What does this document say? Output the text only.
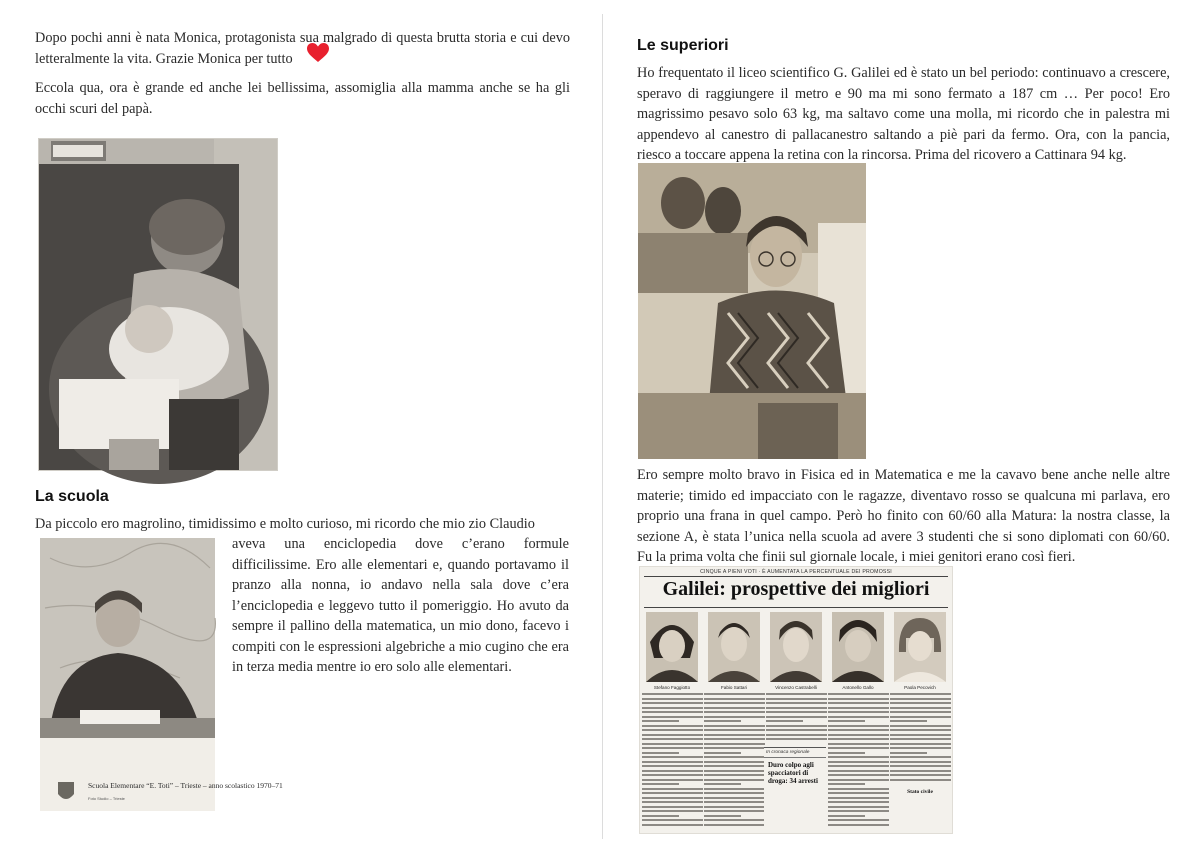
Dopo pochi anni è nata Monica, protagonista sua malgrado di questa brutta storia e cui devo letteralmente la vita. Grazie Monica per tutto

Eccola qua, ora è grande ed anche lei bellissima, assomiglia alla mamma anche se ha gli occhi scuri del papà.

La scuola

Da piccolo ero magrolino, timidissimo e molto curioso, mi ricordo che mio zio Claudio

Scuola Elementare “E. Toti” – Trieste – anno scolastico 1970–71
Foto Studio – Trieste

aveva una enciclopedia dove c’erano formule difficilissime. Ero alle elementari e, quando portavamo il pranzo alla nonna, io andavo nella sala dove c’era l’enciclopedia e leggevo tutto il pomeriggio. Ho avuto da sempre il pallino della matematica, un mio dono, facevo i compiti con le espressioni algebriche a mio cugino che era in terza media mentre io ero solo alle elementari.

Le superiori

Ho frequentato il liceo scientifico G. Galilei ed è stato un bel periodo: continuavo a crescere, speravo di raggiungere il metro e 90 ma mi sono fermato a 187 cm … Per poco! Ero magrissimo pesavo solo 63 kg, ma saltavo come una molla, mi ricordo che in palestra mi appendevo al canestro di pallacanestro saltando a piè pari da fermo. Ora, con la pancia, riesco a toccare appena la retina con la rincorsa. Prima del ricovero a Cattinara 94 kg.

Ero sempre molto bravo in Fisica ed in Matematica e me la cavavo bene anche nelle altre materie; timido ed impacciato con le ragazze, diventavo rosso se qualcuna mi parlava, ero proprio una frana in quel campo. Però ho finito con 60/60 alla Matura: la nostra classe, la sezione A, è stata l’unica nella scuola ad avere 3 studenti che si sono diplomati con 60/60. Fu la prima volta che finii sul giornale locale, i miei genitori erano così fieri.

CINQUE A PIENI VOTI · È AUMENTATA LA PERCENTUALE DEI PROMOSSI
Galilei: prospettive dei migliori
Stefano Faggiotto	Fabio Sattari	Vincenzo Castrabelli	Antonello Gallo	Paola Pecovich
In cronaca regionale
Duro colpo agli spacciatori di droga: 34 arresti
Stato civile
